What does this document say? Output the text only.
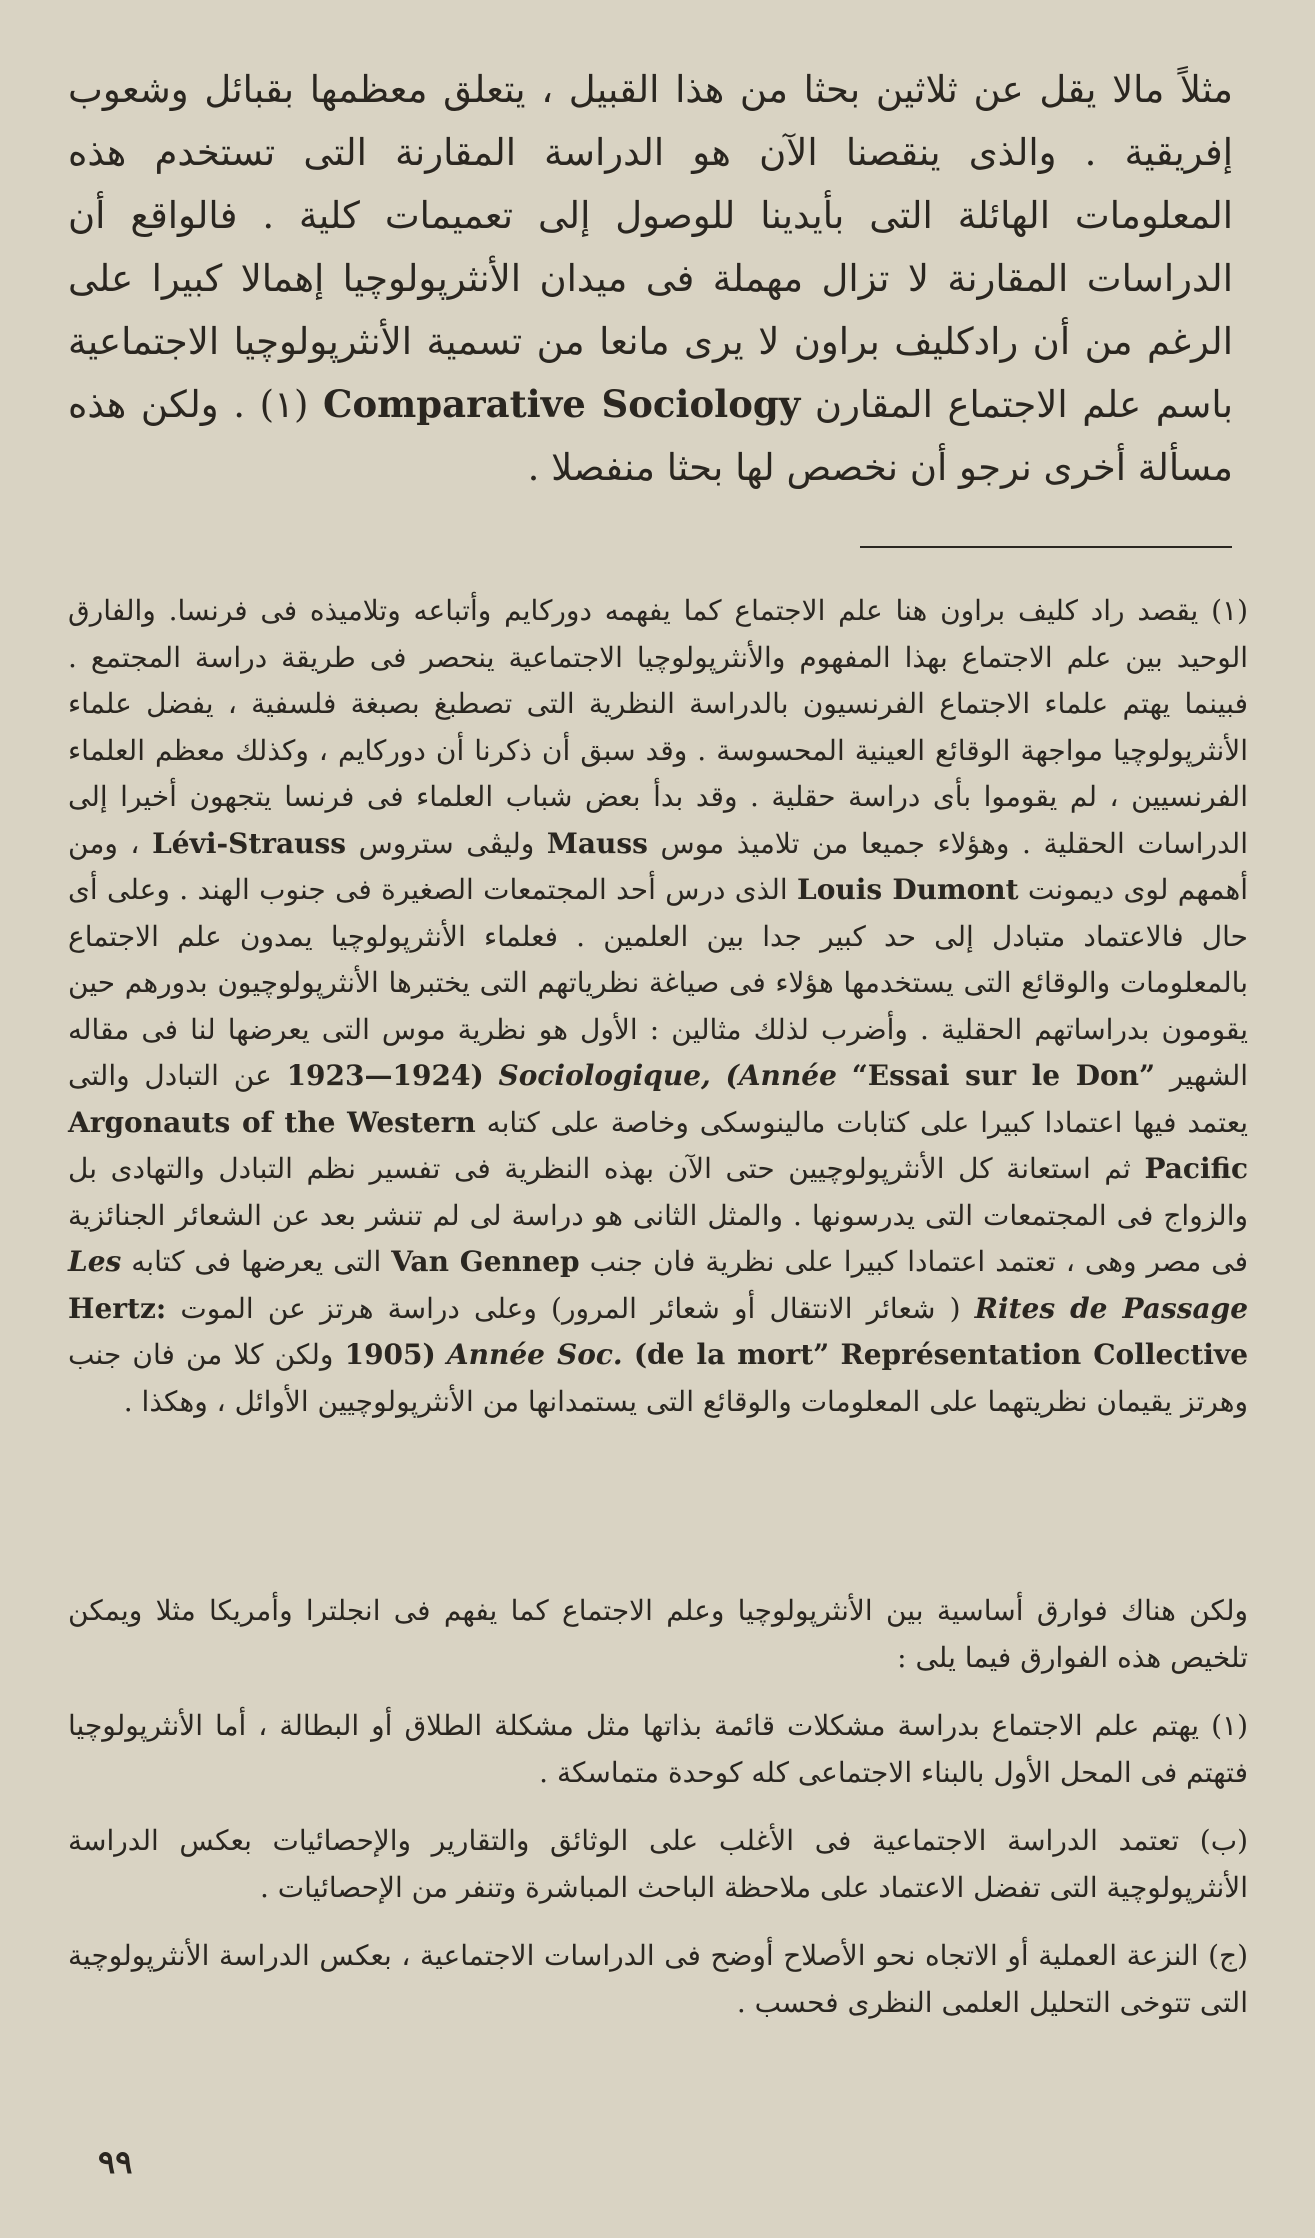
مثلاً مالا يقل عن ثلاثين بحثا من هذا القبيل ، يتعلق معظمها بقبائل وشعوب إفريقية . والذى ينقصنا الآن هو الدراسة المقارنة التى تستخدم هذه المعلومات الهائلة التى بأيدينا للوصول إلى تعميمات كلية . فالواقع أن الدراسات المقارنة لا تزال مهملة فى ميدان الأنثرپولوچيا إهمالا كبيرا على الرغم من أن رادكليف براون لا يرى مانعا من تسمية الأنثرپولوچيا الاجتماعية باسم علم الاجتماع المقارن Comparative Sociology (١) . ولكن هذه مسألة أخرى نرجو أن نخصص لها بحثا منفصلا .

(١) يقصد راد كليف براون هنا علم الاجتماع كما يفهمه دوركايم وأتباعه وتلاميذه فى فرنسا. والفارق الوحيد بين علم الاجتماع بهذا المفهوم والأنثرپولوچيا الاجتماعية ينحصر فى طريقة دراسة المجتمع . فبينما يهتم علماء الاجتماع الفرنسيون بالدراسة النظرية التى تصطبغ بصبغة فلسفية ، يفضل علماء الأنثرپولوچيا مواجهة الوقائع العينية المحسوسة . وقد سبق أن ذكرنا أن دوركايم ، وكذلك معظم العلماء الفرنسيين ، لم يقوموا بأى دراسة حقلية . وقد بدأ بعض شباب العلماء فى فرنسا يتجهون أخيرا إلى الدراسات الحقلية . وهؤلاء جميعا من تلاميذ موس Mauss وليڤى ستروس Lévi-Strauss ، ومن أهمهم لوى ديمونت Louis Dumont الذى درس أحد المجتمعات الصغيرة فى جنوب الهند . وعلى أى حال فالاعتماد متبادل إلى حد كبير جدا بين العلمين . فعلماء الأنثرپولوچيا يمدون علم الاجتماع بالمعلومات والوقائع التى يستخدمها هؤلاء فى صياغة نظرياتهم التى يختبرها الأنثرپولوچيون بدورهم حين يقومون بدراساتهم الحقلية . وأضرب لذلك مثالين : الأول هو نظرية موس التى يعرضها لنا فى مقاله الشهير “Essai sur le Don” (Année Sociologique, 1923—1924) عن التبادل والتى يعتمد فيها اعتمادا كبيرا على كتابات مالينوسكى وخاصة على كتابه Argonauts of the Western Pacific ثم استعانة كل الأنثرپولوچيين حتى الآن بهذه النظرية فى تفسير نظم التبادل والتهادى بل والزواج فى المجتمعات التى يدرسونها . والمثل الثانى هو دراسة لى لم تنشر بعد عن الشعائر الجنائزية فى مصر وهى ، تعتمد اعتمادا كبيرا على نظرية فان جنب Van Gennep التى يعرضها فى كتابه Les Rites de Passage ( شعائر الانتقال أو شعائر المرور) وعلى دراسة هرتز عن الموت Hertz: Représentation Collective (de la mort” Année Soc. 1905) ولكن كلا من فان جنب وهرتز يقيمان نظريتهما على المعلومات والوقائع التى يستمدانها من الأنثرپولوچيين الأوائل ، وهكذا .

ولكن هناك فوارق أساسية بين الأنثرپولوچيا وعلم الاجتماع كما يفهم فى انجلترا وأمريكا مثلا ويمكن تلخيص هذه الفوارق فيما يلى :

(١) يهتم علم الاجتماع بدراسة مشكلات قائمة بذاتها مثل مشكلة الطلاق أو البطالة ، أما الأنثرپولوچيا فتهتم فى المحل الأول بالبناء الاجتماعى كله كوحدة متماسكة .

(ب) تعتمد الدراسة الاجتماعية فى الأغلب على الوثائق والتقارير والإحصائيات بعكس الدراسة الأنثرپولوچية التى تفضل الاعتماد على ملاحظة الباحث المباشرة وتنفر من الإحصائيات .

(ج) النزعة العملية أو الاتجاه نحو الأصلاح أوضح فى الدراسات الاجتماعية ، بعكس الدراسة الأنثرپولوچية التى تتوخى التحليل العلمى النظرى فحسب .

٩٩
